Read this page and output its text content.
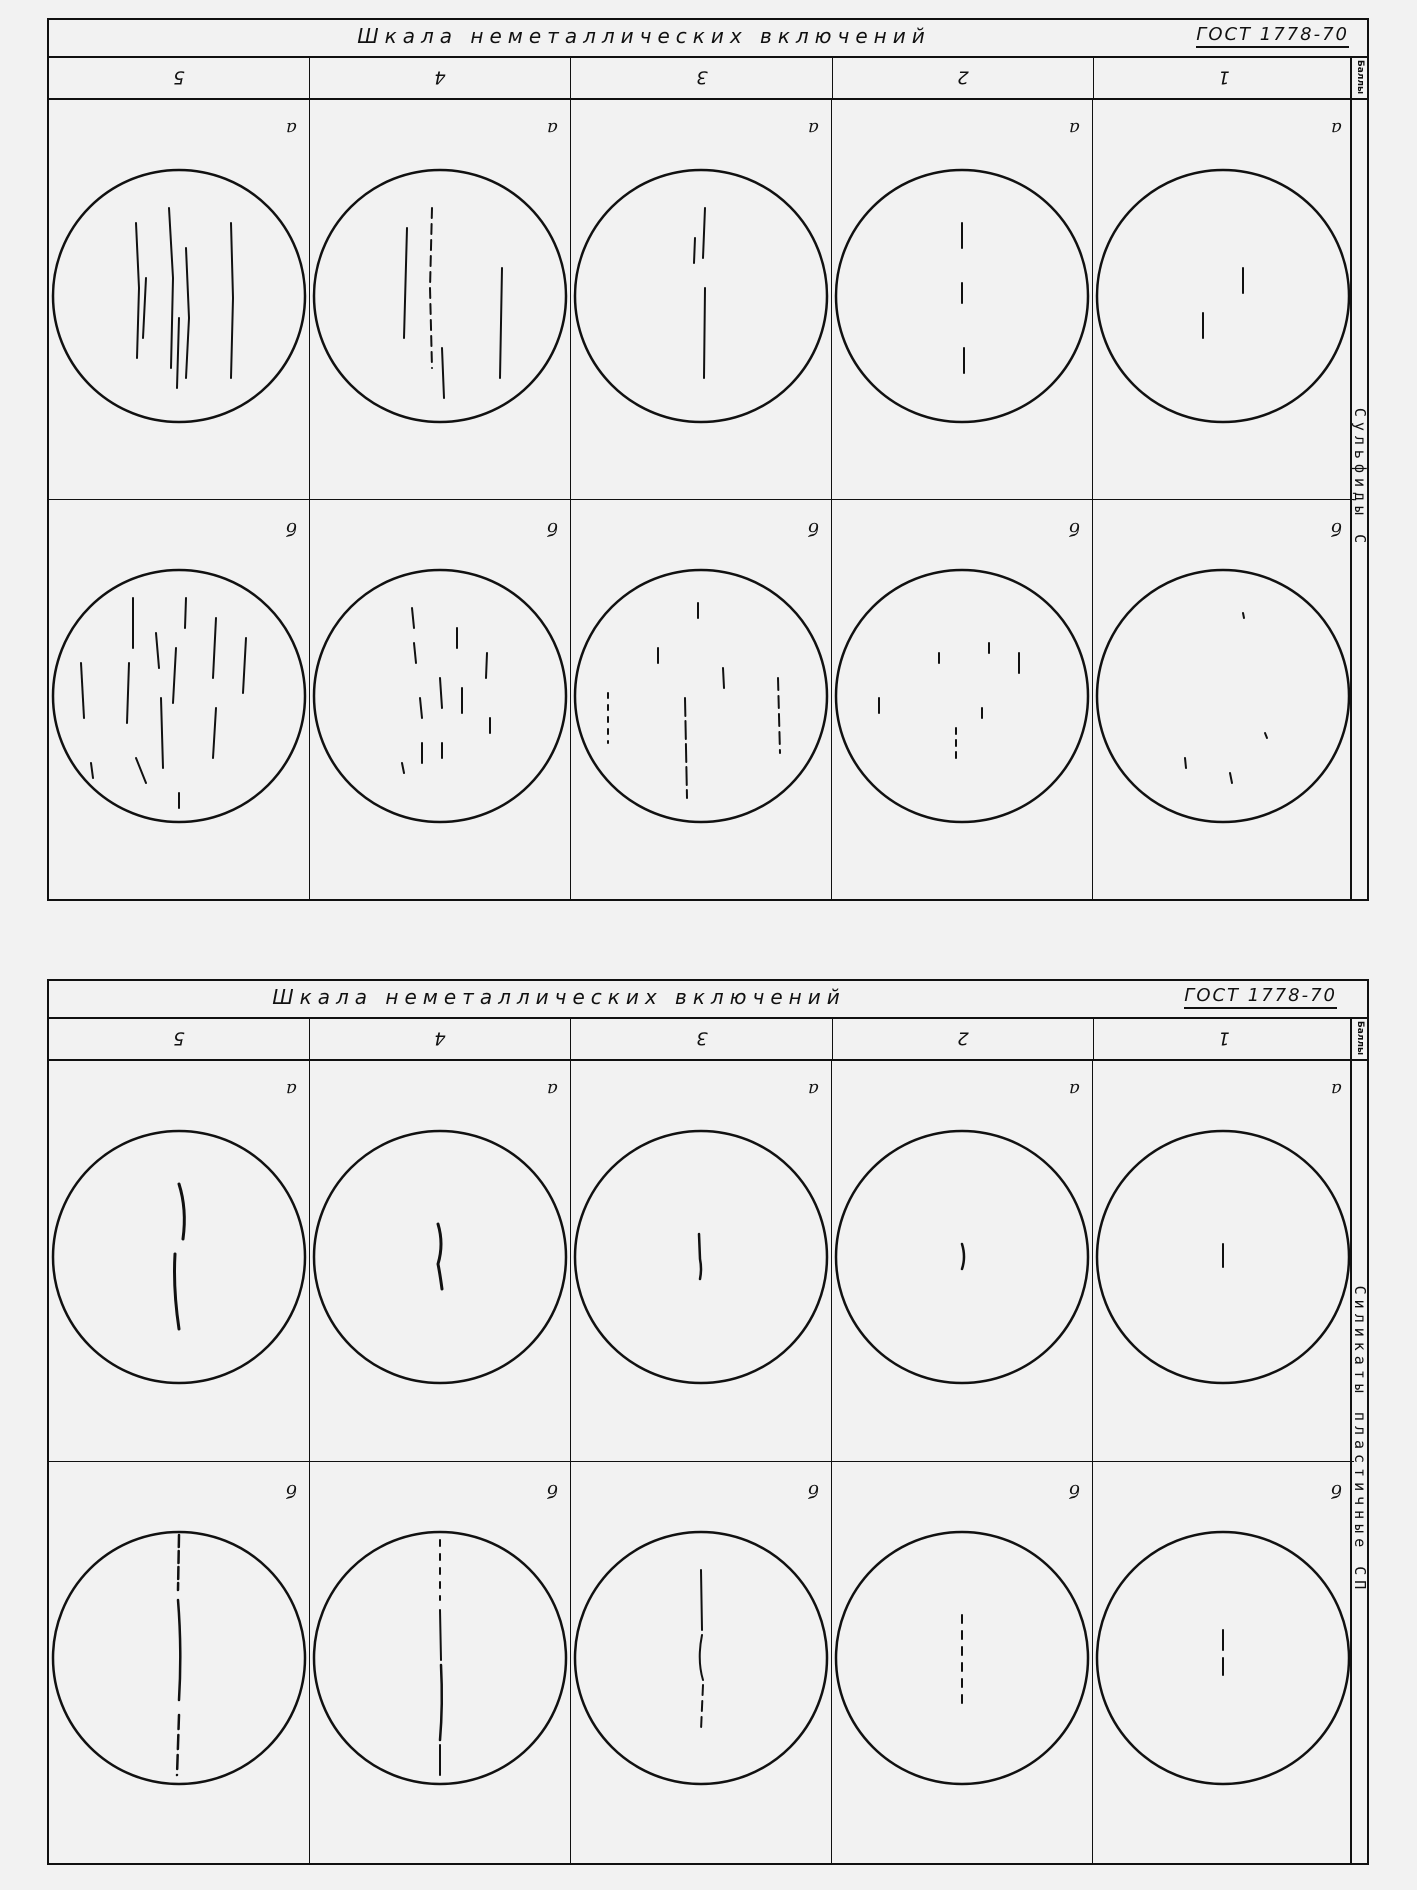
Шкала неметаллических включений	ГОСТ 1778-70
5	4	3	2	1	Баллы
Сульфиды С
а	а	а	а	а
б	б	б	б	б
Шкала неметаллических включений	ГОСТ 1778-70
5	4	3	2	1	Баллы
Силикаты пластичные СП
а	а	а	а	а
б	б	б	б	б
